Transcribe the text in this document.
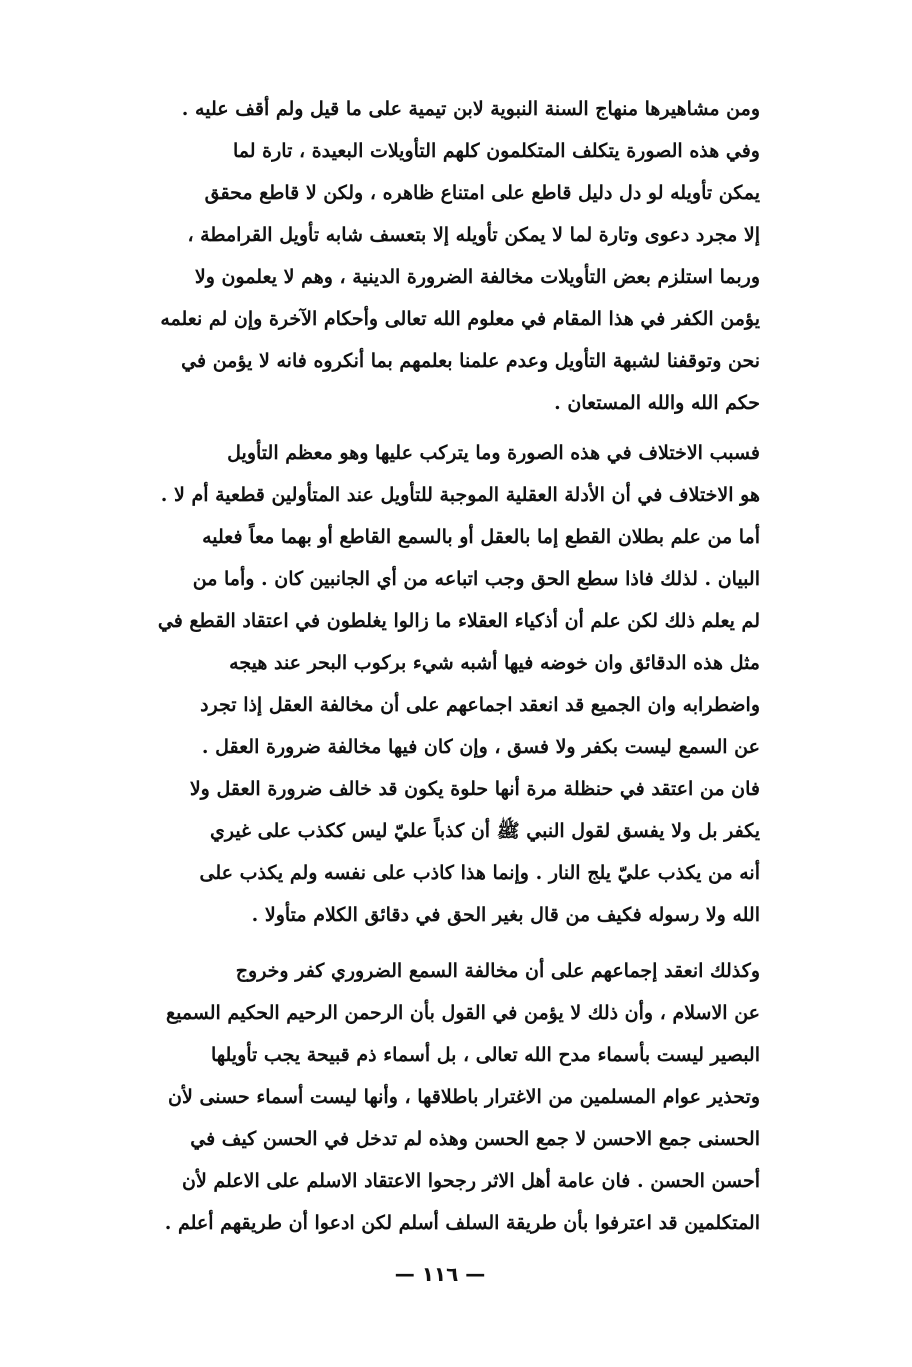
ومن مشاهيرها منهاج السنة النبوية لابن تيمية على ما قيل ولم أقف عليه .
وفي هذه الصورة يتكلف المتكلمون كلهم التأويلات البعيدة ، تارة لما
يمكن تأويله لو دل دليل قاطع على امتناع ظاهره ، ولكن لا قاطع محقق
إلا مجرد دعوى وتارة لما لا يمكن تأويله إلا بتعسف شابه تأويل القرامطة ،
وربما استلزم بعض التأويلات مخالفة الضرورة الدينية ، وهم لا يعلمون ولا
يؤمن الكفر في هذا المقام في معلوم الله تعالى وأحكام الآخرة وإن لم نعلمه
نحن وتوقفنا لشبهة التأويل وعدم علمنا بعلمهم بما أنكروه فانه لا يؤمن في
حكم الله والله المستعان .
فسبب الاختلاف في هذه الصورة وما يتركب عليها وهو معظم التأويل
هو الاختلاف في أن الأدلة العقلية الموجبة للتأويل عند المتأولين قطعية أم لا .
أما من علم بطلان القطع إما بالعقل أو بالسمع القاطع أو بهما معاً فعليه
البيان . لذلك فاذا سطع الحق وجب اتباعه من أي الجانبين كان . وأما من
لم يعلم ذلك لكن علم أن أذكياء العقلاء ما زالوا يغلطون في اعتقاد القطع في
مثل هذه الدقائق وان خوضه فيها أشبه شيء بركوب البحر عند هيجه
واضطرابه وان الجميع قد انعقد اجماعهم على أن مخالفة العقل إذا تجرد
عن السمع ليست بكفر ولا فسق ، وإن كان فيها مخالفة ضرورة العقل .
فان من اعتقد في حنظلة مرة أنها حلوة يكون قد خالف ضرورة العقل ولا
يكفر بل ولا يفسق لقول النبي ﷺ أن كذباً عليّ ليس ككذب على غيري
أنه من يكذب عليّ يلج النار . وإنما هذا كاذب على نفسه ولم يكذب على
الله ولا رسوله فكيف من قال بغير الحق في دقائق الكلام متأولا .
وكذلك انعقد إجماعهم على أن مخالفة السمع الضروري كفر وخروج
عن الاسلام ، وأن ذلك لا يؤمن في القول بأن الرحمن الرحيم الحكيم السميع
البصير ليست بأسماء مدح الله تعالى ، بل أسماء ذم قبيحة يجب تأويلها
وتحذير عوام المسلمين من الاغترار باطلاقها ، وأنها ليست أسماء حسنى لأن
الحسنى جمع الاحسن لا جمع الحسن وهذه لم تدخل في الحسن كيف في
أحسن الحسن . فان عامة أهل الاثر رجحوا الاعتقاد الاسلم على الاعلم لأن
المتكلمين قد اعترفوا بأن طريقة السلف أسلم لكن ادعوا أن طريقهم أعلم .
— ١١٦ —
